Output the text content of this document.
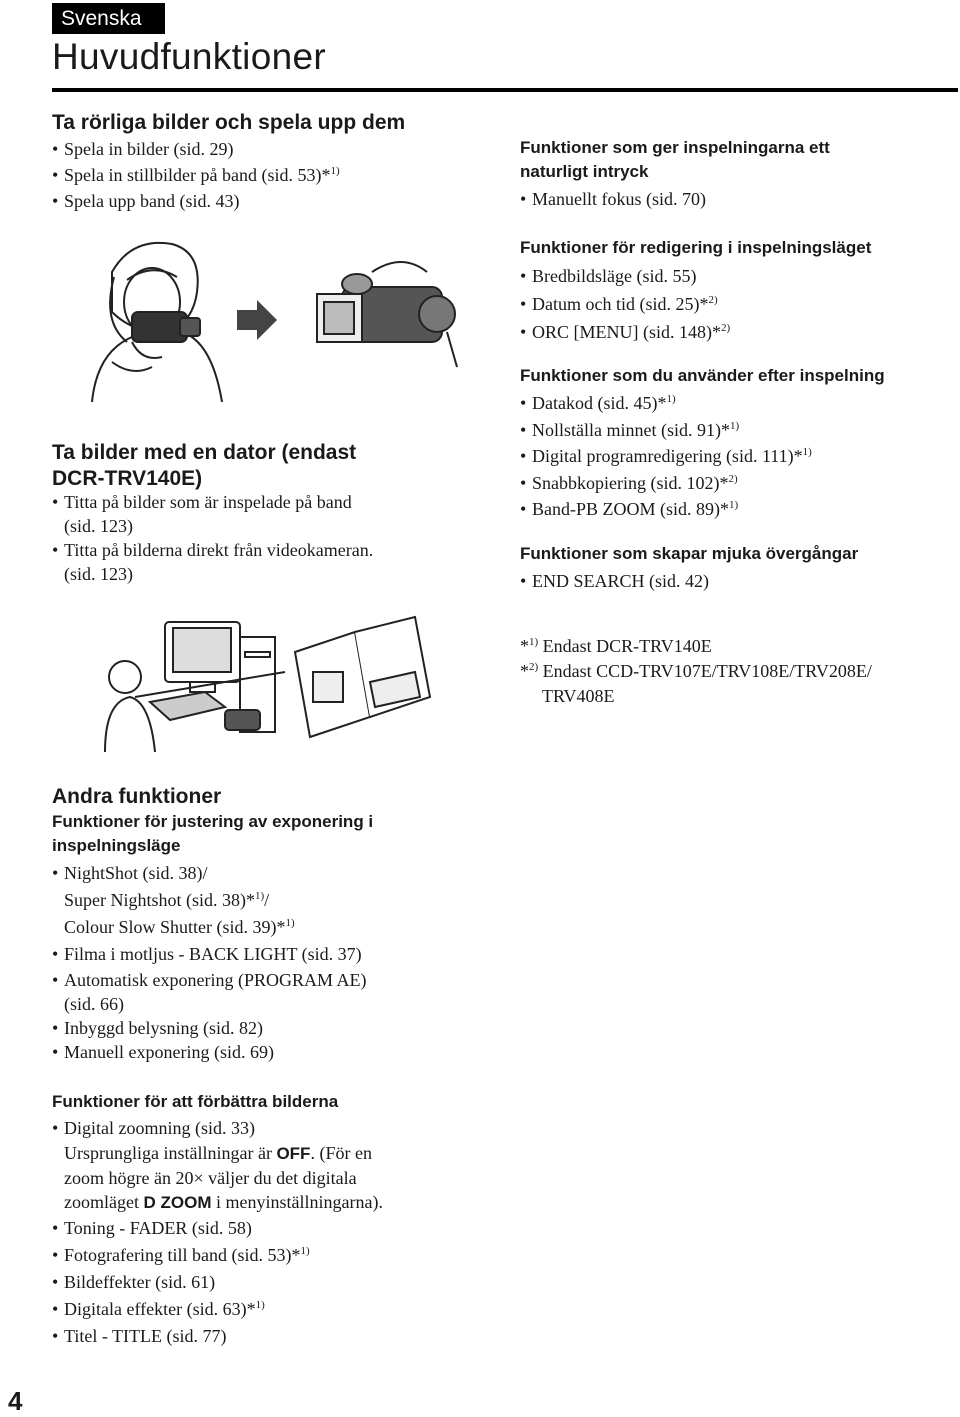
Svenska
Huvudfunktioner
Ta rörliga bilder och spela upp dem
• Spela in bilder (sid. 29)
• Spela in stillbilder på band (sid. 53)*$^{1)}$
• Spela upp band (sid. 43)
Ta bilder med en dator (endast
DCR-TRV140E)
• Titta på bilder som är inspelade på band
(sid. 123)
• Titta på bilderna direkt från videokameran.
(sid. 123)
Funktioner som ger inspelningarna ett
naturligt intryck
• Manuellt fokus (sid. 70)
Funktioner för redigering i inspelningsläget
• Bredbildsläge (sid. 55)
• Datum och tid (sid. 25)*$^{2)}$
• ORC [MENU] (sid. 148)*$^{2)}$
Funktioner som du använder efter inspelning
• Datakod (sid. 45)*$^{1)}$
• Nollställa minnet (sid. 91)*$^{1)}$
• Digital programredigering (sid. 111)*$^{1)}$
• Snabbkopiering (sid. 102)*$^{2)}$
• Band-PB ZOOM (sid. 89)*$^{1)}$
Funktioner som skapar mjuka övergångar
• END SEARCH (sid. 42)
*$^{1)}$ Endast DCR-TRV140E
*$^{2)}$ Endast CCD-TRV107E/TRV108E/TRV208E/
TRV408E
Andra funktioner
Funktioner för justering av exponering i
inspelningsläge
• NightShot (sid. 38)/
Super Nightshot (sid. 38)*$^{1)}$/
Colour Slow Shutter (sid. 39)*$^{1)}$
• Filma i motljus - BACK LIGHT (sid. 37)
• Automatisk exponering (PROGRAM AE)
(sid. 66)
• Inbyggd belysning (sid. 82)
• Manuell exponering (sid. 69)
Funktioner för att förbättra bilderna
• Digital zoomning (sid. 33)
Ursprungliga inställningar är OFF. (För en
zoom högre än 20× väljer du det digitala
zoomläget D ZOOM i menyinställningarna).
• Toning - FADER (sid. 58)
• Fotografering till band (sid. 53)*$^{1)}$
• Bildeffekter (sid. 61)
• Digitala effekter (sid. 63)*$^{1)}$
• Titel - TITLE (sid. 77)
4
